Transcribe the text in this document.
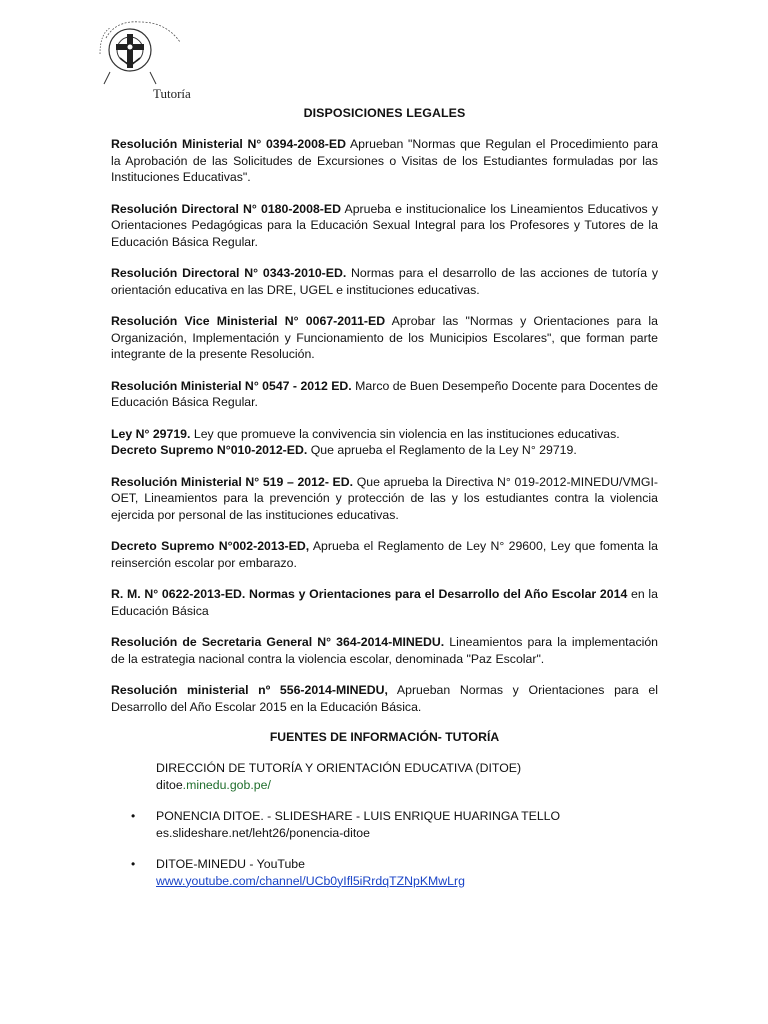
Tutoría
DISPOSICIONES LEGALES
Resolución Ministerial N° 0394-2008-ED Aprueban "Normas que Regulan el Procedimiento para la Aprobación de las Solicitudes de Excursiones o Visitas de los Estudiantes formuladas por las Instituciones Educativas".
Resolución Directoral N° 0180-2008-ED Aprueba e institucionalice los Lineamientos Educativos y Orientaciones Pedagógicas para la Educación Sexual Integral para los Profesores y Tutores de la Educación Básica Regular.
Resolución Directoral N° 0343-2010-ED. Normas para el desarrollo de las acciones de tutoría y orientación educativa en las DRE, UGEL e instituciones educativas.
Resolución Vice Ministerial N° 0067-2011-ED Aprobar las "Normas y Orientaciones para la Organización, Implementación y Funcionamiento de los Municipios Escolares", que forman parte integrante de la presente Resolución.
Resolución Ministerial N° 0547 - 2012 ED. Marco de Buen Desempeño Docente para Docentes de Educación Básica Regular.
Ley N° 29719. Ley que promueve la convivencia sin violencia en las instituciones educativas.
Decreto Supremo N°010-2012-ED. Que aprueba el Reglamento de la Ley N° 29719.
Resolución Ministerial N° 519 – 2012- ED. Que aprueba la Directiva N° 019-2012-MINEDU/VMGI-OET, Lineamientos para la prevención y protección de las y los estudiantes contra la violencia ejercida por personal de las instituciones educativas.
Decreto Supremo N°002-2013-ED, Aprueba el Reglamento de Ley N° 29600, Ley que fomenta la reinserción escolar por embarazo.
R. M. N° 0622-2013-ED. Normas y Orientaciones para el Desarrollo del Año Escolar 2014 en la Educación Básica
Resolución de Secretaria General N° 364-2014-MINEDU. Lineamientos para la implementación de la estrategia nacional contra la violencia escolar, denominada "Paz Escolar".
Resolución ministerial nº 556-2014-MINEDU, Aprueban Normas y Orientaciones para el Desarrollo del Año Escolar 2015 en la Educación Básica.
FUENTES DE INFORMACIÓN- TUTORÍA
DIRECCIÓN DE TUTORÍA Y ORIENTACIÓN EDUCATIVA (DITOE)
ditoe.minedu.gob.pe/
• PONENCIA DITOE. - SLIDESHARE - LUIS ENRIQUE HUARINGA TELLO
es.slideshare.net/leht26/ponencia-ditoe
• DITOE-MINEDU - YouTube
www.youtube.com/channel/UCb0yIfl5iRrdqTZNpKMwLrg
